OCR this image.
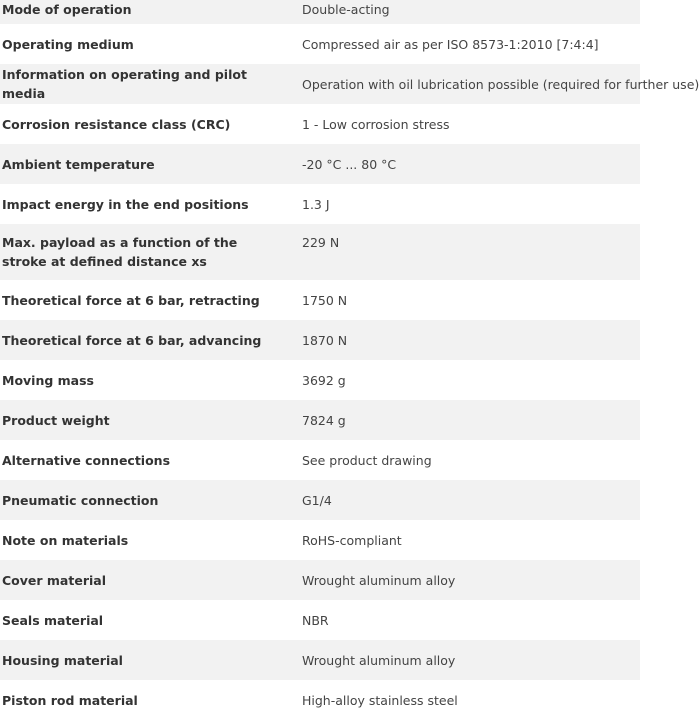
Mode of operation	Double-acting
Operating medium	Compressed air as per ISO 8573-1:2010 [7:4:4]
Information on operating and pilot media	Operation with oil lubrication possible (required for further use)
Corrosion resistance class (CRC)	1 - Low corrosion stress
Ambient temperature	-20 °C ... 80 °C
Impact energy in the end positions	1.3 J
Max. payload as a function of the stroke at defined distance xs	229 N
Theoretical force at 6 bar, retracting	1750 N
Theoretical force at 6 bar, advancing	1870 N
Moving mass	3692 g
Product weight	7824 g
Alternative connections	See product drawing
Pneumatic connection	G1/4
Note on materials	RoHS-compliant
Cover material	Wrought aluminum alloy
Seals material	NBR
Housing material	Wrought aluminum alloy
Piston rod material	High-alloy stainless steel
